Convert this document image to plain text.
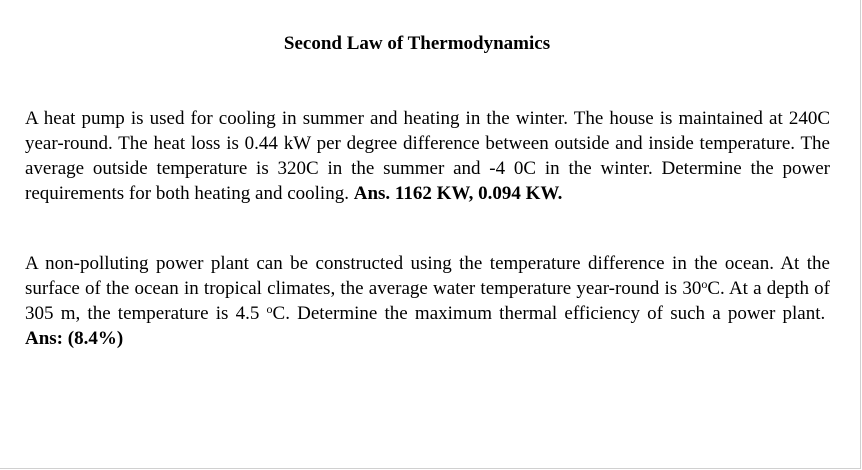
Second Law of Thermodynamics
A heat pump is used for cooling in summer and heating in the winter. The house is maintained at 240C year-round. The heat loss is 0.44 kW per degree difference between outside and inside temperature. The average outside temperature is 320C in the summer and -4 0C in the winter. Determine the power requirements for both heating and cooling. Ans. 1162 KW, 0.094 KW.
A non-polluting power plant can be constructed using the temperature difference in the ocean. At the surface of the ocean in tropical climates, the average water temperature year-round is 30$^o$C. At a depth of 305 m, the temperature is 4.5 $^o$C. Determine the maximum thermal efficiency of such a power plant.  Ans: (8.4%)
